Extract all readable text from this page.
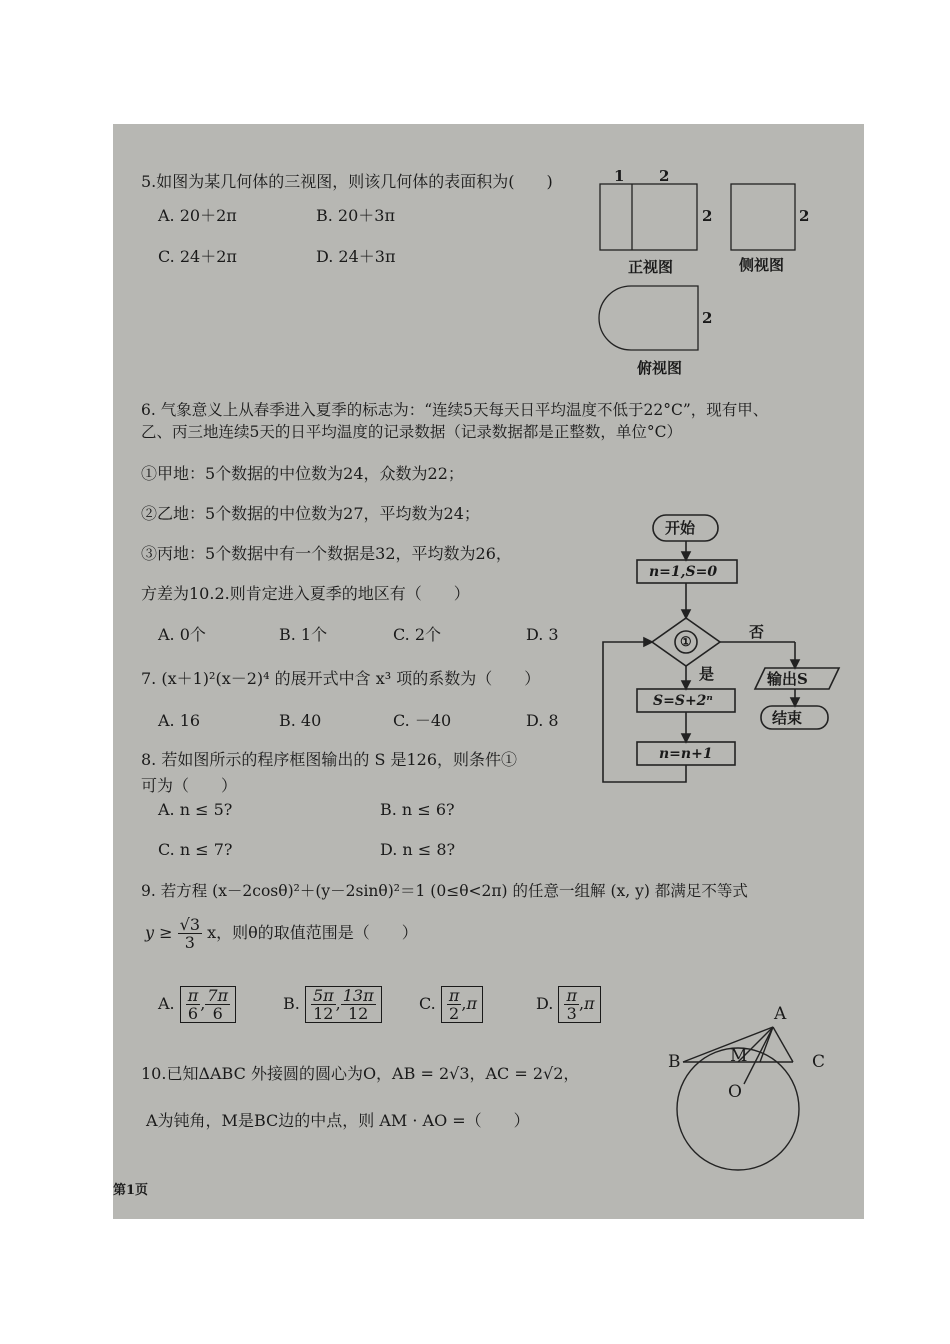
5.如图为某几何体的三视图，则该几何体的表面积为(　　)
A. 20＋2π	B. 20＋3π
C. 24＋2π	D. 24＋3π
1 2
2	2
2
正视图	侧视图
俯视图
6. 气象意义上从春季进入夏季的标志为：“连续5天每天日平均温度不低于22°C”，现有甲、
乙、丙三地连续5天的日平均温度的记录数据（记录数据都是正整数，单位°C）
①甲地：5个数据的中位数为24，众数为22；
②乙地：5个数据的中位数为27，平均数为24；
③丙地：5个数据中有一个数据是32，平均数为26，
方差为10.2.则肯定进入夏季的地区有（　　）
A. 0个	B. 1个	C. 2个	D. 3
开始
n=1,S=0
①
否
是	输出S
结束
S=S+2ⁿ
n=n+1
7. (x＋1)²(x－2)⁴ 的展开式中含 x³ 项的系数为（　　）
A. 16	B. 40	C. －40	D. 8
8. 若如图所示的程序框图输出的 S 是126，则条件①
可为（　　）
A. n ≤ 5?	B. n ≤ 6?
C. n ≤ 7?	D. n ≤ 8?
9. 若方程 (x－2cosθ)²＋(y－2sinθ)²＝1 (0≤θ<2π) 的任意一组解 (x, y) 都满足不等式
$y \ge \frac{√3}{3}$ x，则θ的取值范围是（　　）
A. $\frac{\pi}{6}$ , $\frac{7\pi}{6}$	B. $\frac{5\pi}{12}$ , $\frac{13\pi}{12}$	C. $\frac{\pi}{2} ,\pi$	D. $\frac{\pi}{3} ,\pi$
10.已知ΔABC 外接圆的圆心为O，AB = 2√3，AC = 2√2，
A为钝角，M是BC边的中点，则 AM · AO =（　　）
A
B	C
M
O
第1页
